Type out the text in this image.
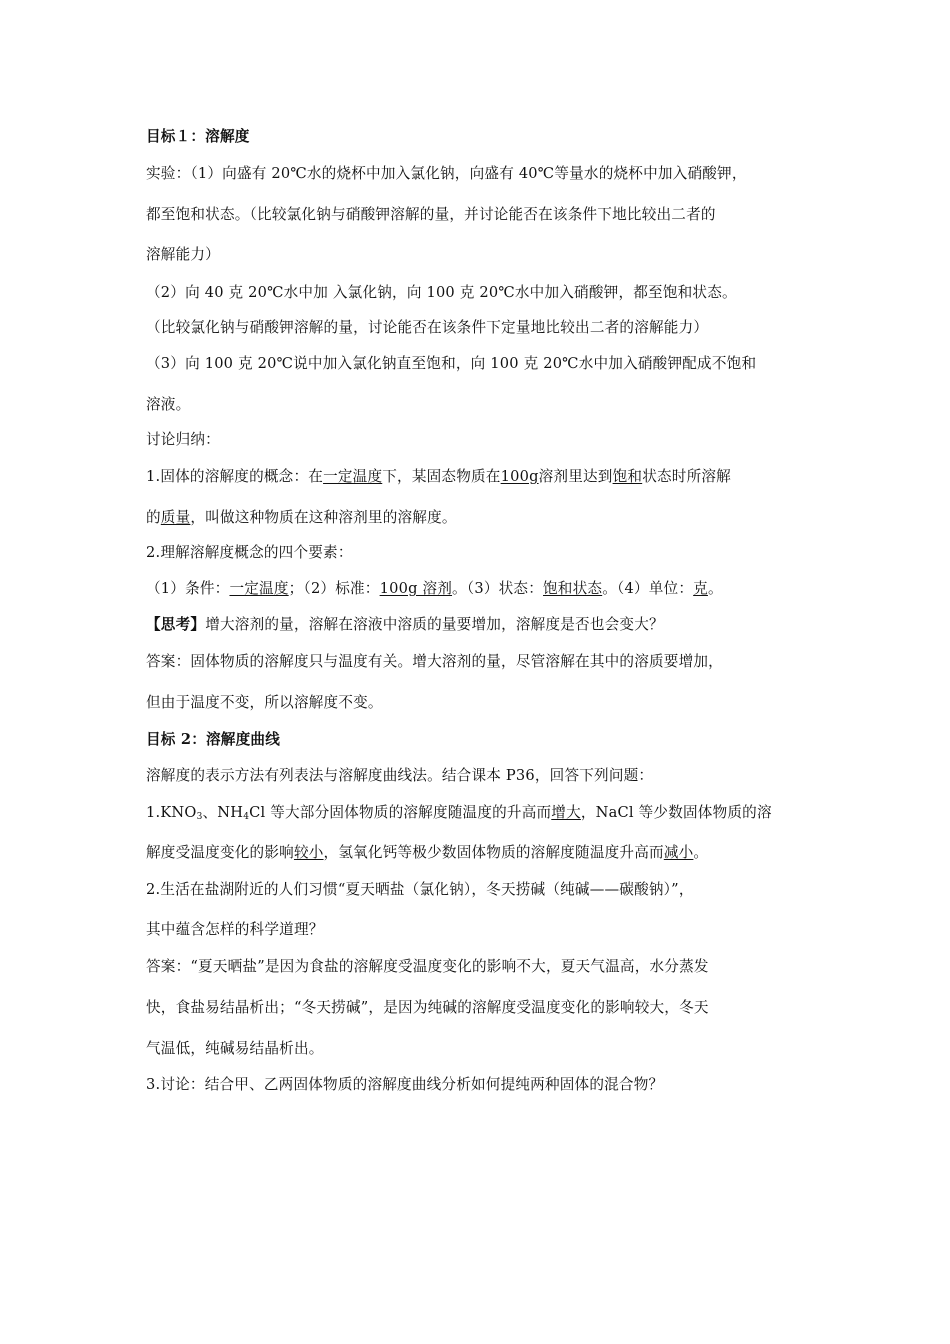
目标１：溶解度
实验：（1）向盛有 20℃水的烧杯中加入氯化钠，向盛有 40℃等量水的烧杯中加入硝酸钾，
都至饱和状态。（比较氯化钠与硝酸钾溶解的量，并讨论能否在该条件下地比较出二者的
溶解能力）
（2）向 40 克 20℃水中加 入氯化钠，向 100 克 20℃水中加入硝酸钾，都至饱和状态。
（比较氯化钠与硝酸钾溶解的量，讨论能否在该条件下定量地比较出二者的溶解能力）
（3）向 100 克 20℃说中加入氯化钠直至饱和，向 100 克 20℃水中加入硝酸钾配成不饱和
溶液。
讨论归纳：
1.固体的溶解度的概念：在一定温度下，某固态物质在100g溶剂里达到饱和状态时所溶解
的质量，叫做这种物质在这种溶剂里的溶解度。
2.理解溶解度概念的四个要素：
（1）条件：一定温度；（2）标准：100g 溶剂。（3）状态：饱和状态。（4）单位：克。
【思考】增大溶剂的量，溶解在溶液中溶质的量要增加，溶解度是否也会变大？
答案：固体物质的溶解度只与温度有关。增大溶剂的量，尽管溶解在其中的溶质要增加，
但由于温度不变，所以溶解度不变。
目标 2：溶解度曲线
溶解度的表示方法有列表法与溶解度曲线法。结合课本 P36，回答下列问题：
$1.KNO_3$、$NH_4Cl$ 等大部分固体物质的溶解度随温度的升高而增大，NaCl 等少数固体物质的溶
解度受温度变化的影响较小，氢氧化钙等极少数固体物质的溶解度随温度升高而减小。
2.生活在盐湖附近的人们习惯“夏天晒盐（氯化钠），冬天捞碱（纯碱——碳酸钠）”，
其中蕴含怎样的科学道理？
答案：“夏天晒盐”是因为食盐的溶解度受温度变化的影响不大，夏天气温高，水分蒸发
快，食盐易结晶析出；“冬天捞碱”，是因为纯碱的溶解度受温度变化的影响较大，冬天
气温低，纯碱易结晶析出。
3.讨论：结合甲、乙两固体物质的溶解度曲线分析如何提纯两种固体的混合物？
